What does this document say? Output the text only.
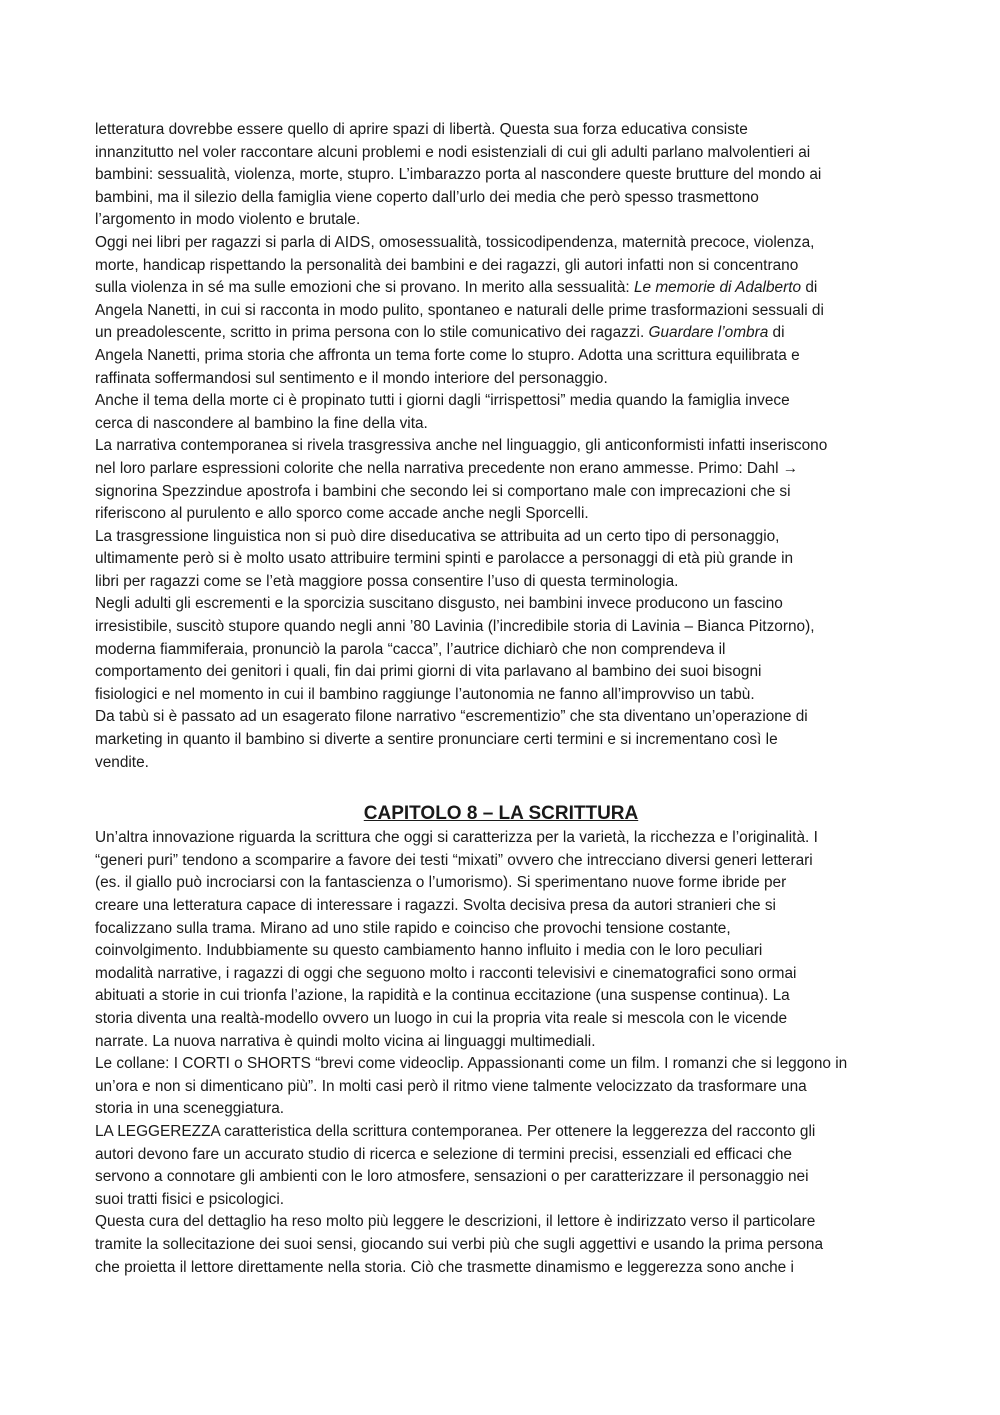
letteratura dovrebbe essere quello di aprire spazi di libertà. Questa sua forza educativa consiste

innanzitutto nel voler raccontare alcuni problemi e nodi esistenziali di cui gli adulti parlano malvolentieri ai

bambini: sessualità, violenza, morte, stupro. L’imbarazzo porta al nascondere queste brutture del mondo ai

bambini, ma il silezio della famiglia viene coperto dall’urlo dei media che però spesso trasmettono

l’argomento in modo violento e brutale.

Oggi nei libri per ragazzi si parla di AIDS, omosessualità, tossicodipendenza, maternità precoce, violenza,

morte, handicap rispettando la personalità dei bambini e dei ragazzi, gli autori infatti non si concentrano

sulla violenza in sé ma sulle emozioni che si provano. In merito alla sessualità: Le memorie di Adalberto di

Angela Nanetti, in cui si racconta in modo pulito, spontaneo e naturali delle prime trasformazioni sessuali di

un preadolescente, scritto in prima persona con lo stile comunicativo dei ragazzi. Guardare l’ombra di

Angela Nanetti, prima storia che affronta un tema forte come lo stupro. Adotta una scrittura equilibrata e

raffinata soffermandosi sul sentimento e il mondo interiore del personaggio.

Anche il tema della morte ci è propinato tutti i giorni dagli “irrispettosi” media quando la famiglia invece

cerca di nascondere al bambino la fine della vita.

La narrativa contemporanea si rivela trasgressiva anche nel linguaggio, gli anticonformisti infatti inseriscono

nel loro parlare espressioni colorite che nella narrativa precedente non erano ammesse. Primo: Dahl →

signorina Spezzindue apostrofa i bambini che secondo lei si comportano male con imprecazioni che si

riferiscono al purulento e allo sporco come accade anche negli Sporcelli.

La trasgressione linguistica non si può dire diseducativa se attribuita ad un certo tipo di personaggio,

ultimamente però si è molto usato attribuire termini spinti e parolacce a personaggi di età più grande in

libri per ragazzi come se l’età maggiore possa consentire l’uso di questa terminologia.

Negli adulti gli escrementi e la sporcizia suscitano disgusto, nei bambini invece producono un fascino

irresistibile, suscitò stupore quando negli anni ’80 Lavinia (l’incredibile storia di Lavinia – Bianca Pitzorno),

moderna fiammiferaia, pronunciò la parola “cacca”, l’autrice dichiarò che non comprendeva il

comportamento dei genitori i quali, fin dai primi giorni di vita parlavano al bambino dei suoi bisogni

fisiologici e nel momento in cui il bambino raggiunge l’autonomia ne fanno all’improvviso un tabù.

Da tabù si è passato ad un esagerato filone narrativo “escrementizio” che sta diventano un’operazione di

marketing in quanto il bambino si diverte a sentire pronunciare certi termini e si incrementano così le

vendite.

CAPITOLO 8 – LA SCRITTURA

Un’altra innovazione riguarda la scrittura che oggi si caratterizza per la varietà, la ricchezza e l’originalità. I

“generi puri” tendono a scomparire a favore dei testi “mixati” ovvero che intrecciano diversi generi letterari

(es. il giallo può incrociarsi con la fantascienza o l’umorismo). Si sperimentano nuove forme ibride per

creare una letteratura capace di interessare i ragazzi. Svolta decisiva presa da autori stranieri che si

focalizzano sulla trama. Mirano ad uno stile rapido e coinciso che provochi tensione costante,

coinvolgimento. Indubbiamente su questo cambiamento hanno influito i media con le loro peculiari

modalità narrative, i ragazzi di oggi che seguono molto i racconti televisivi e cinematografici sono ormai

abituati a storie in cui trionfa l’azione, la rapidità e la continua eccitazione (una suspense continua). La

storia diventa una realtà-modello ovvero un luogo in cui la propria vita reale si mescola con le vicende

narrate. La nuova narrativa è quindi molto vicina ai linguaggi multimediali.

Le collane: I CORTI o SHORTS “brevi come videoclip. Appassionanti come un film. I romanzi che si leggono in

un’ora e non si dimenticano più”. In molti casi però il ritmo viene talmente velocizzato da trasformare una

storia in una sceneggiatura.

LA LEGGEREZZA caratteristica della scrittura contemporanea. Per ottenere la leggerezza del racconto gli

autori devono fare un accurato studio di ricerca e selezione di termini precisi, essenziali ed efficaci che

servono a connotare gli ambienti con le loro atmosfere, sensazioni o per caratterizzare il personaggio nei

suoi tratti fisici e psicologici.

Questa cura del dettaglio ha reso molto più leggere le descrizioni, il lettore è indirizzato verso il particolare

tramite la sollecitazione dei suoi sensi, giocando sui verbi più che sugli aggettivi e usando la prima persona

che proietta il lettore direttamente nella storia. Ciò che trasmette dinamismo e leggerezza sono anche i
